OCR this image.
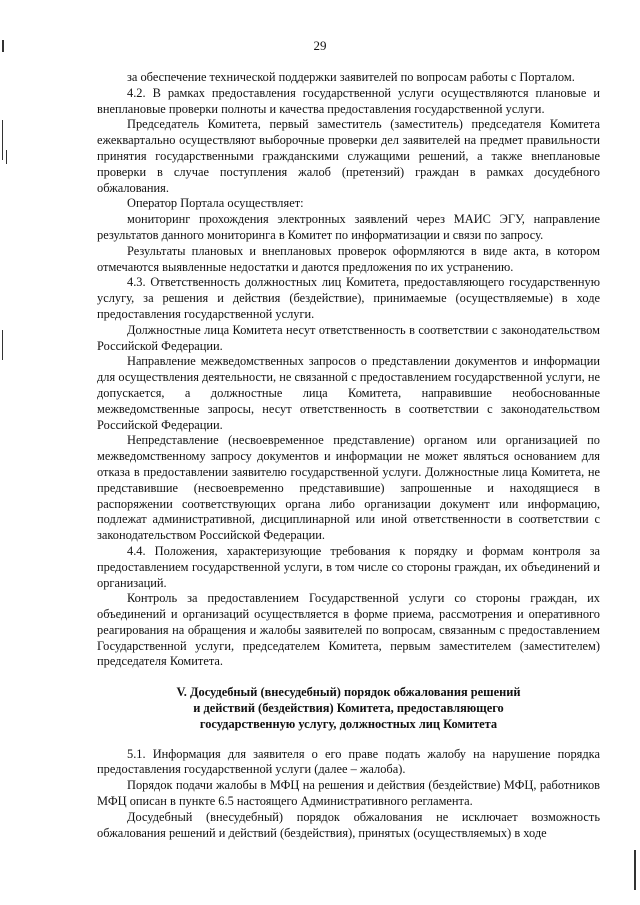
29

за обеспечение технической поддержки заявителей по вопросам работы с Порталом.

4.2. В рамках предоставления государственной услуги осуществляются плановые и внеплановые проверки полноты и качества предоставления государственной услуги.

Председатель Комитета, первый заместитель (заместитель) председателя Комитета ежеквартально осуществляют выборочные проверки дел заявителей на предмет правильности принятия государственными гражданскими служащими решений, а также внеплановые проверки в случае поступления жалоб (претензий) граждан в рамках досудебного обжалования.

Оператор Портала осуществляет:

мониторинг прохождения электронных заявлений через МАИС ЭГУ, направление результатов данного мониторинга в Комитет по информатизации и связи по запросу.

Результаты плановых и внеплановых проверок оформляются в виде акта, в котором отмечаются выявленные недостатки и даются предложения по их устранению.

4.3. Ответственность должностных лиц Комитета, предоставляющего государственную услугу, за решения и действия (бездействие), принимаемые (осуществляемые) в ходе предоставления государственной услуги.

Должностные лица Комитета несут ответственность в соответствии с законодательством Российской Федерации.

Направление межведомственных запросов о представлении документов и информации для осуществления деятельности, не связанной с предоставлением государственной услуги, не допускается, а должностные лица Комитета, направившие необоснованные межведомственные запросы, несут ответственность в соответствии с законодательством Российской Федерации.

Непредставление (несвоевременное представление) органом или организацией по межведомственному запросу документов и информации не может являться основанием для отказа в предоставлении заявителю государственной услуги. Должностные лица Комитета, не представившие (несвоевременно представившие) запрошенные и находящиеся в распоряжении соответствующих органа либо организации документ или информацию, подлежат административной, дисциплинарной или иной ответственности в соответствии с законодательством Российской Федерации.

4.4. Положения, характеризующие требования к порядку и формам контроля за предоставлением государственной услуги, в том числе со стороны граждан, их объединений и организаций.

Контроль за предоставлением Государственной услуги со стороны граждан, их объединений и организаций осуществляется в форме приема, рассмотрения и оперативного реагирования на обращения и жалобы заявителей по вопросам, связанным с предоставлением Государственной услуги, председателем Комитета, первым заместителем (заместителем) председателя Комитета.

V. Досудебный (внесудебный) порядок обжалования решений
и действий (бездействия) Комитета, предоставляющего
государственную услугу, должностных лиц Комитета

5.1. Информация для заявителя о его праве подать жалобу на нарушение порядка предоставления государственной услуги (далее – жалоба).

Порядок подачи жалобы в МФЦ на решения и действия (бездействие) МФЦ, работников МФЦ описан в пункте 6.5 настоящего Административного регламента.

Досудебный (внесудебный) порядок обжалования не исключает возможность обжалования решений и действий (бездействия), принятых (осуществляемых) в ходе
